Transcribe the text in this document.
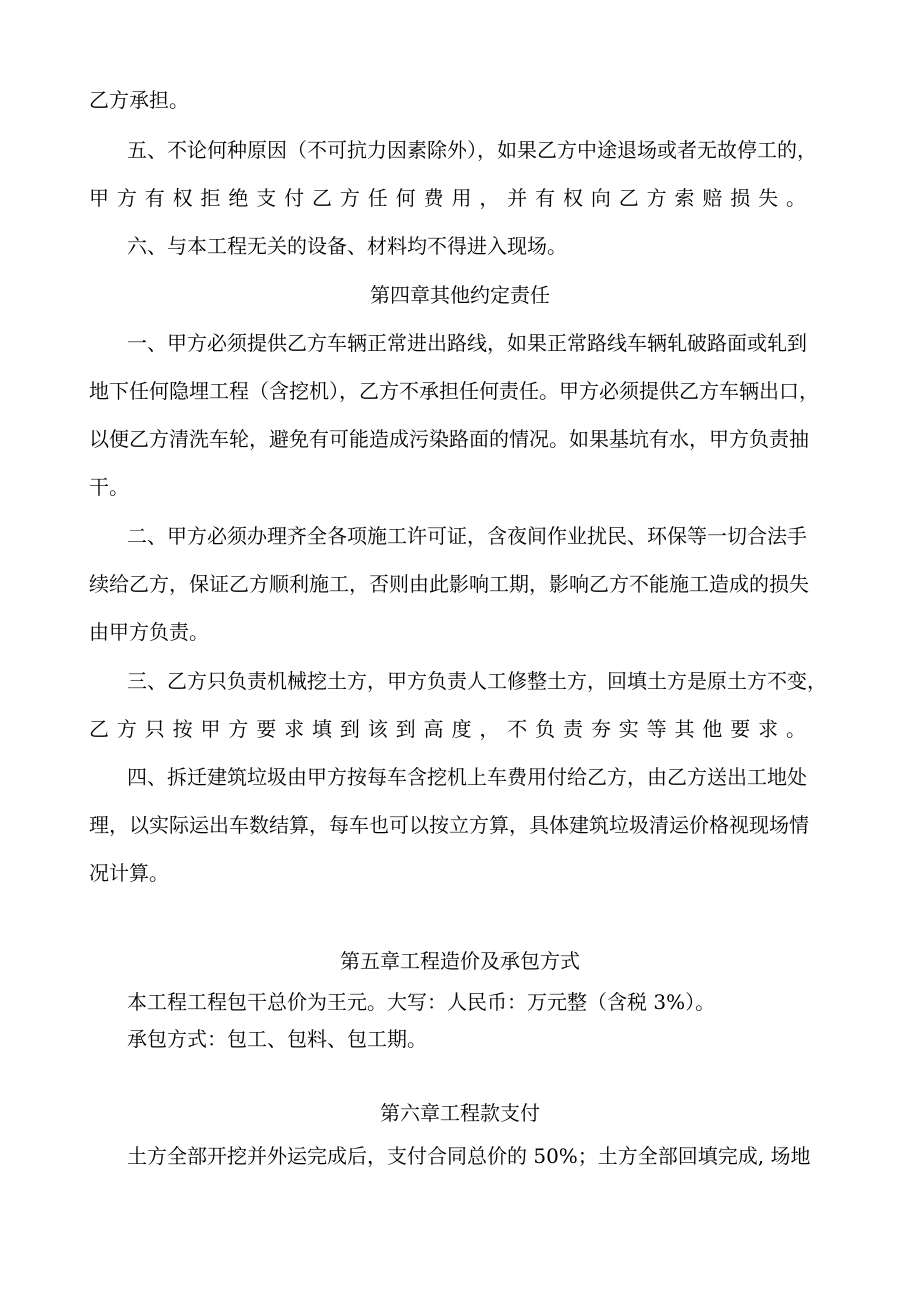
乙方承担。
五、不论何种原因（不可抗力因素除外），如果乙方中途退场或者无故停工的，
甲方有权拒绝支付乙方任何费用，并有权向乙方索赔损失。
六、与本工程无关的设备、材料均不得进入现场。
第四章其他约定责任
一、甲方必须提供乙方车辆正常进出路线，如果正常路线车辆轧破路面或轧到
地下任何隐埋工程（含挖机），乙方不承担任何责任。甲方必须提供乙方车辆出口，
以便乙方清洗车轮，避免有可能造成污染路面的情况。如果基坑有水，甲方负责抽
干。
二、甲方必须办理齐全各项施工许可证，含夜间作业扰民、环保等一切合法手
续给乙方，保证乙方顺利施工，否则由此影响工期，影响乙方不能施工造成的损失
由甲方负责。
三、乙方只负责机械挖土方，甲方负责人工修整土方，回填土方是原土方不变，
乙方只按甲方要求填到该到高度，不负责夯实等其他要求。
四、拆迁建筑垃圾由甲方按每车含挖机上车费用付给乙方，由乙方送出工地处
理，以实际运出车数结算，每车也可以按立方算，具体建筑垃圾清运价格视现场情
况计算。
第五章工程造价及承包方式
本工程工程包干总价为王元。大写：人民币：万元整（含税 3%）。
承包方式：包工、包料、包工期。
第六章工程款支付
土方全部开挖并外运完成后，支付合同总价的 50%；土方全部回填完成, 场地
